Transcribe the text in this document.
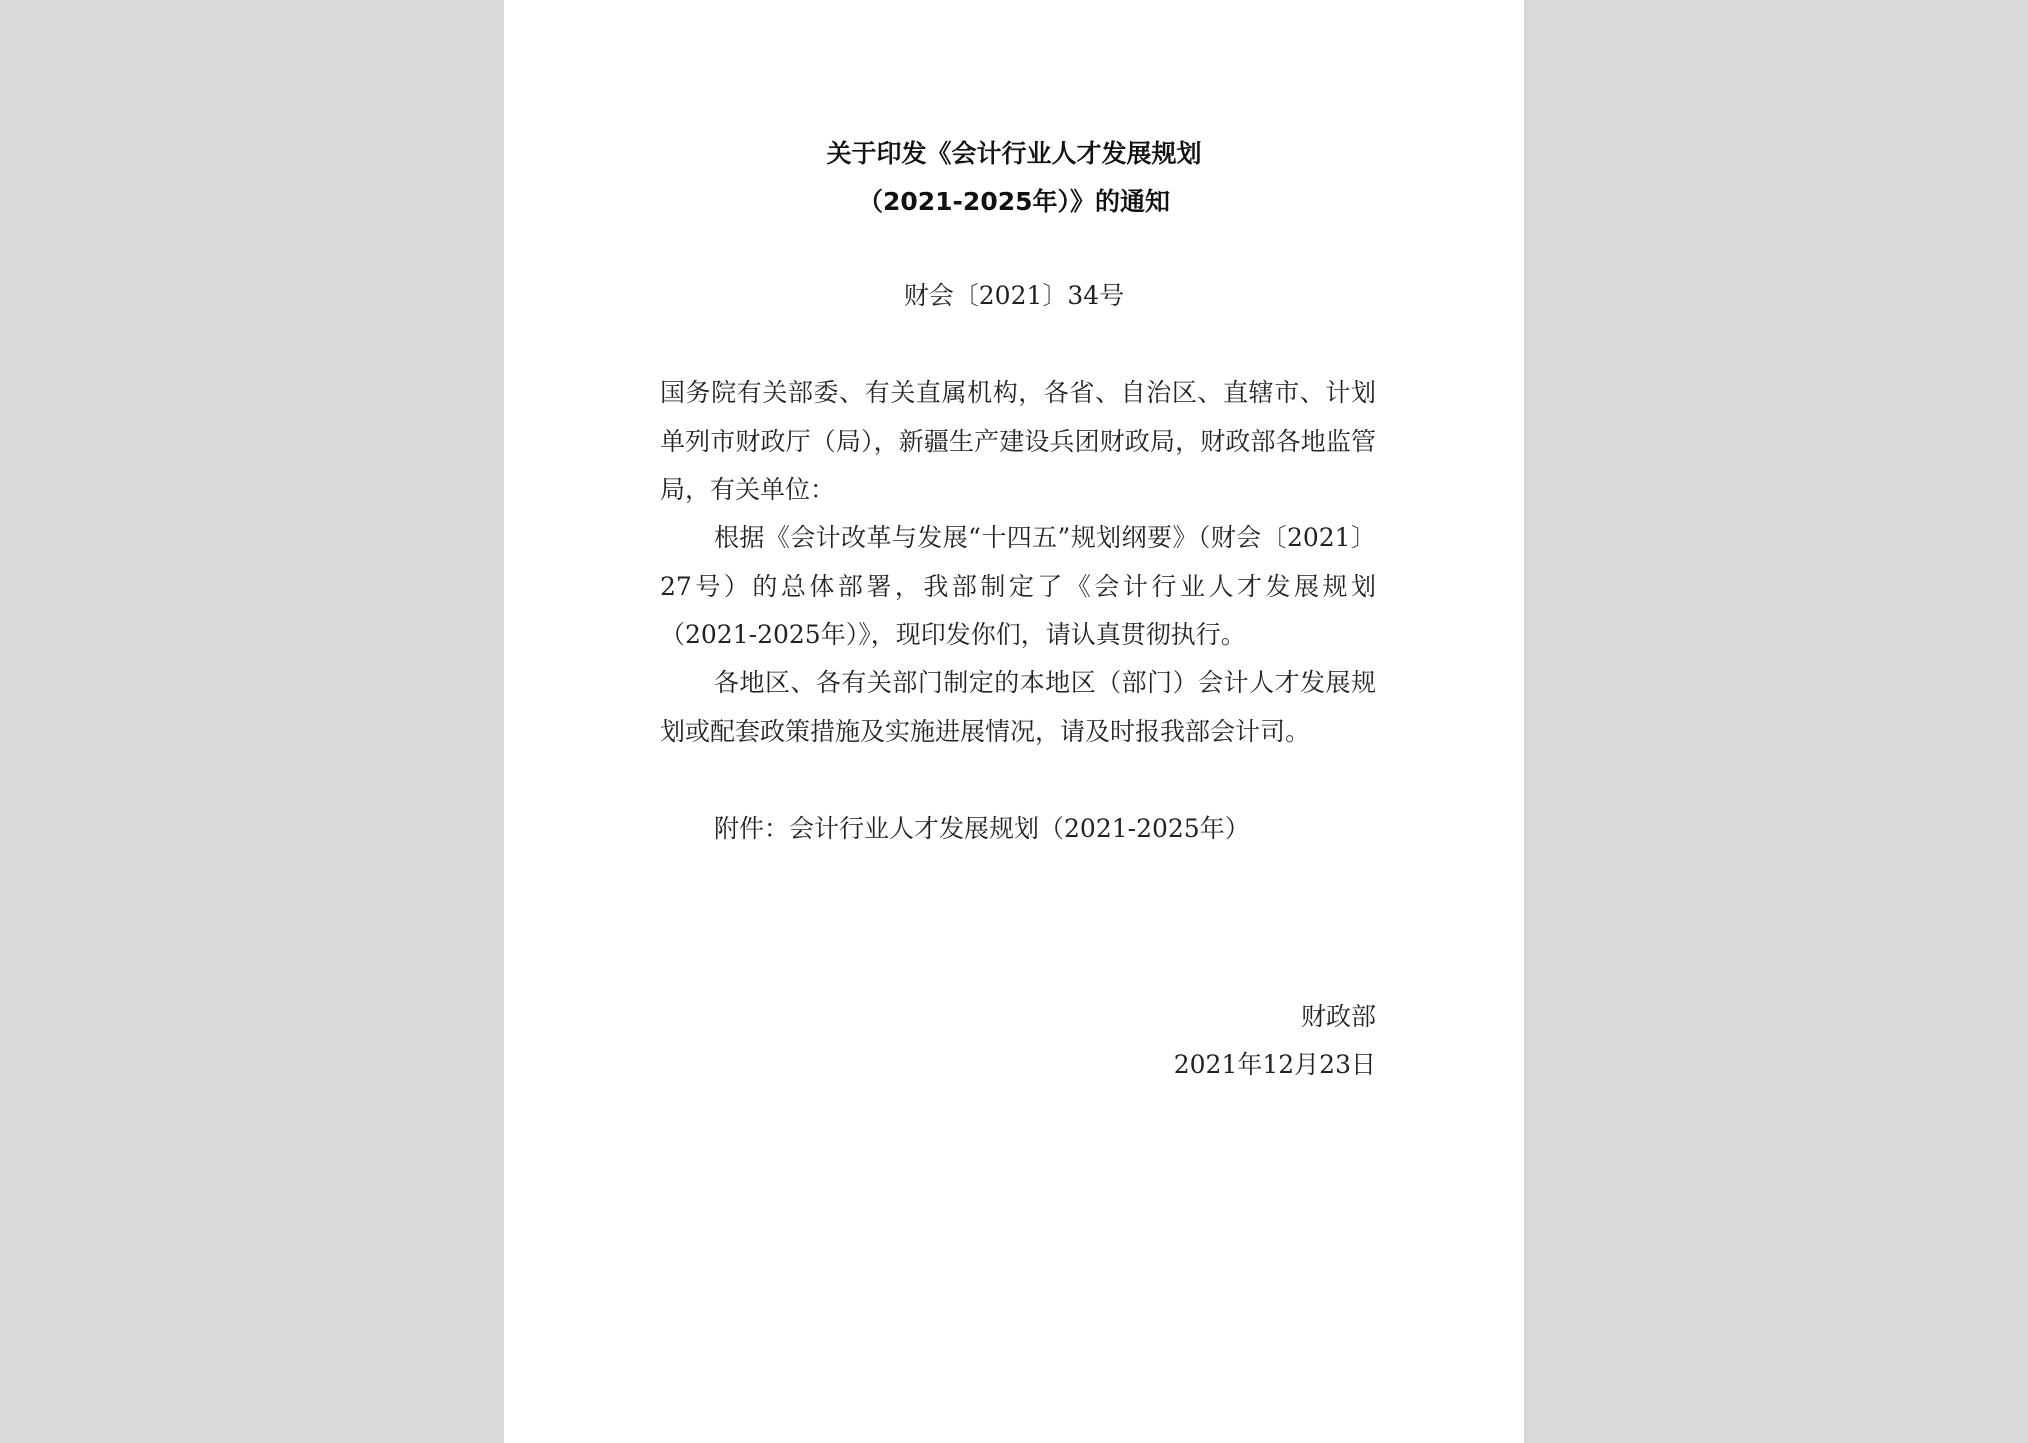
关于印发《会计行业人才发展规划
（2021-2025年）》的通知
财会〔2021〕34号

国务院有关部委、有关直属机构，各省、自治区、直辖市、计划单列市财政厅（局），新疆生产建设兵团财政局，财政部各地监管局，有关单位：

根据《会计改革与发展“十四五”规划纲要》（财会〔2021〕27号）的总体部署，我部制定了《会计行业人才发展规划（2021-2025年）》，现印发你们，请认真贯彻执行。

各地区、各有关部门制定的本地区（部门）会计人才发展规划或配套政策措施及实施进展情况，请及时报我部会计司。

附件：会计行业人才发展规划（2021-2025年）

财政部
2021年12月23日
